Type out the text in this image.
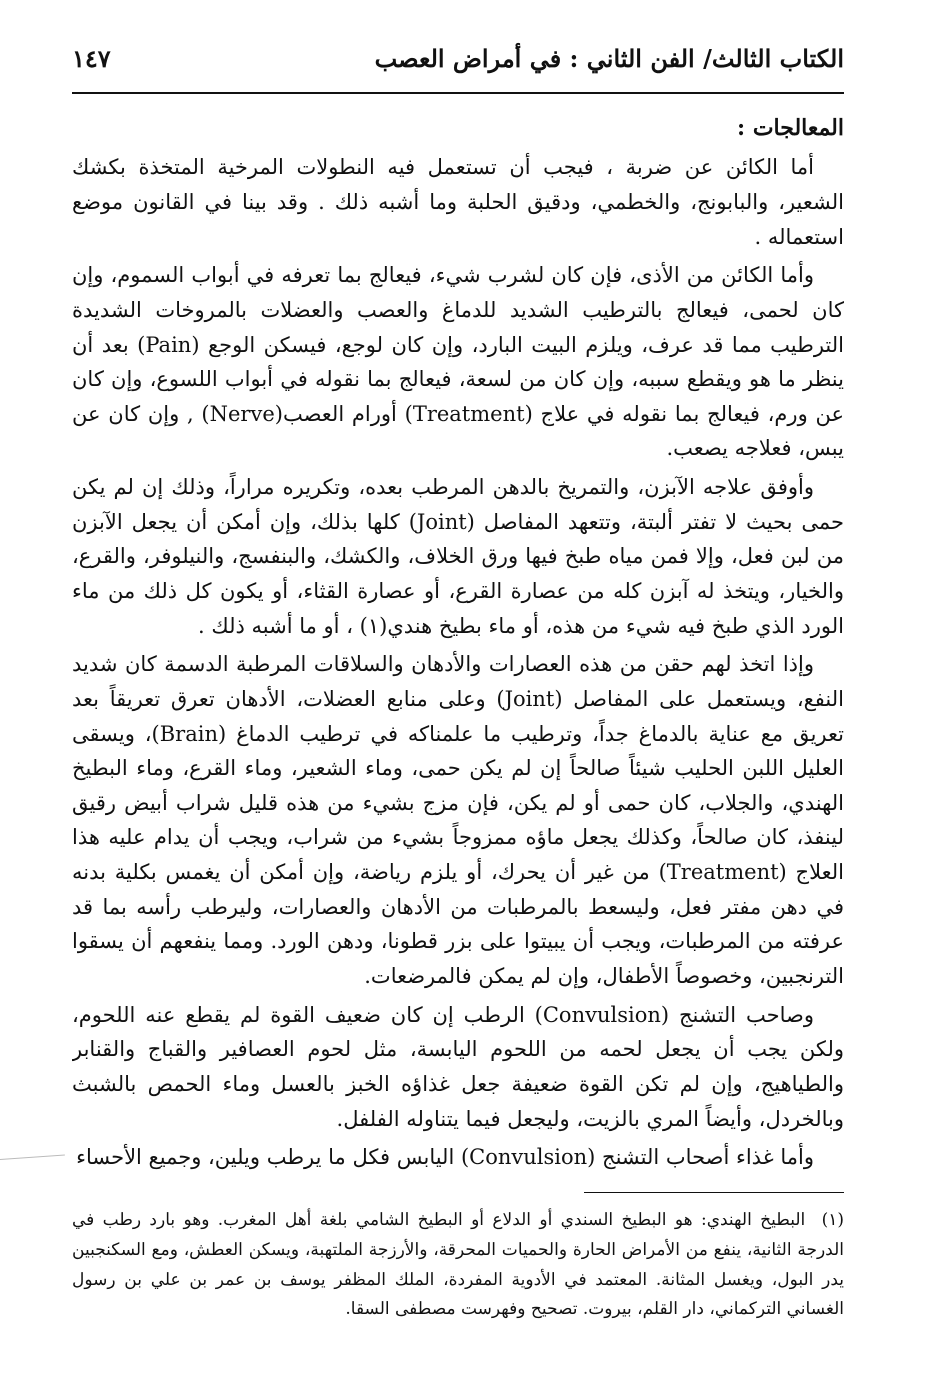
الكتاب الثالث/ الفن الثاني : في أمراض العصب
١٤٧
المعالجات :

أما الكائن عن ضربة ، فيجب أن تستعمل فيه النطولات المرخية المتخذة بكشك الشعير، والبابونج، والخطمي، ودقيق الحلبة وما أشبه ذلك . وقد بينا في القانون موضع استعماله .

وأما الكائن من الأذى، فإن كان لشرب شيء، فيعالج بما تعرفه في أبواب السموم، وإن كان لحمى، فيعالج بالترطيب الشديد للدماغ والعصب والعضلات بالمروخات الشديدة الترطيب مما قد عرف، ويلزم البيت البارد، وإن كان لوجع، فيسكن الوجع (Pain) بعد أن ينظر ما هو ويقطع سببه، وإن كان من لسعة، فيعالج بما نقوله في أبواب اللسوع، وإن كان عن ورم، فيعالج بما نقوله في علاج (Treatment) أورام العصب(Nerve) , وإن كان عن يبس، فعلاجه يصعب.

وأوفق علاجه الآبزن، والتمريخ بالدهن المرطب بعده، وتكريره مراراً، وذلك إن لم يكن حمى بحيث لا تفتر ألبتة، وتتعهد المفاصل (Joint) كلها بذلك، وإن أمكن أن يجعل الآبزن من لبن فعل، وإلا فمن مياه طبخ فيها ورق الخلاف، والكشك، والبنفسج، والنيلوفر، والقرع، والخيار، ويتخذ له آبزن كله من عصارة القرع، أو عصارة القثاء، أو يكون كل ذلك من ماء الورد الذي طبخ فيه شيء من هذه، أو ماء بطيخ هندي(١) ، أو ما أشبه ذلك .

وإذا اتخذ لهم حقن من هذه العصارات والأدهان والسلاقات المرطبة الدسمة كان شديد النفع، ويستعمل على المفاصل (Joint) وعلى منابع العضلات، الأدهان تعرق تعريقاً بعد تعريق مع عناية بالدماغ جداً، وترطيب ما علمناكه في ترطيب الدماغ (Brain)، ويسقى العليل اللبن الحليب شيئاً صالحاً إن لم يكن حمى، وماء الشعير، وماء القرع، وماء البطيخ الهندي، والجلاب، كان حمى أو لم يكن، فإن مزج بشيء من هذه قليل شراب أبيض رقيق لينفذ، كان صالحاً، وكذلك يجعل ماؤه ممزوجاً بشيء من شراب، ويجب أن يدام عليه هذا العلاج (Treatment) من غير أن يحرك، أو يلزم رياضة، وإن أمكن أن يغمس بكلية بدنه في دهن مفتر فعل، وليسعط بالمرطبات من الأدهان والعصارات، وليرطب رأسه بما قد عرفته من المرطبات، ويجب أن يبيتوا على بزر قطونا، ودهن الورد. ومما ينفعهم أن يسقوا الترنجبين، وخصوصاً الأطفال، وإن لم يمكن فالمرضعات.

وصاحب التشنج (Convulsion) الرطب إن كان ضعيف القوة لم يقطع عنه اللحوم، ولكن يجب أن يجعل لحمه من اللحوم اليابسة، مثل لحوم العصافير والقباج والقنابر والطياهيج، وإن لم تكن القوة ضعيفة جعل غذاؤه الخبز بالعسل وماء الحمص بالشبث وبالخردل، وأيضاً المري بالزيت، وليجعل فيما يتناوله الفلفل.

وأما غذاء أصحاب التشنج (Convulsion) اليابس فكل ما يرطب ويلين، وجميع الأحساء

(١) البطيخ الهندي: هو البطيخ السندي أو الدلاع أو البطيخ الشامي بلغة أهل المغرب. وهو بارد رطب في الدرجة الثانية، ينفع من الأمراض الحارة والحميات المحرقة، والأرزجة الملتهبة، ويسكن العطش، ومع السكنجبين يدر البول، ويغسل المثانة. المعتمد في الأدوية المفردة، الملك المظفر يوسف بن عمر بن علي بن رسول الغساني التركماني، دار القلم، بيروت. تصحيح وفهرست مصطفى السقا.
